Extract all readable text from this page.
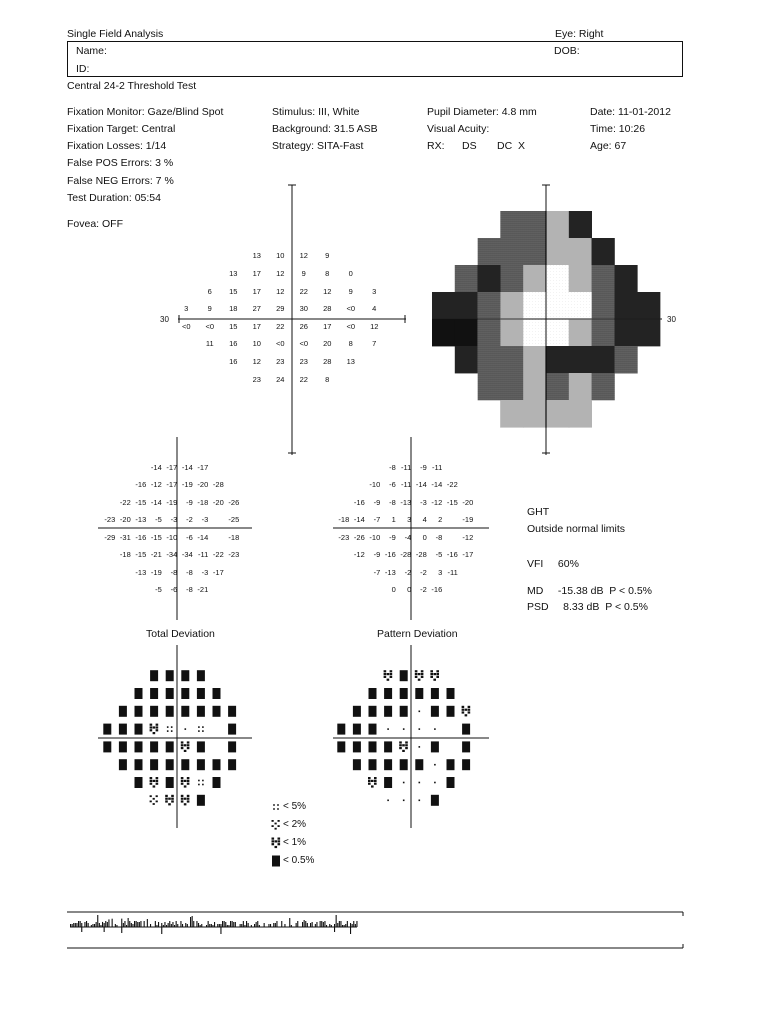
Single Field Analysis	Eye: Right
Name:
ID:
DOB:
Central 24-2 Threshold Test
Fixation Monitor: Gaze/Blind Spot
Fixation Target: Central
Fixation Losses: 1/14
False POS Errors: 3 %
False NEG Errors: 7 %
Test Duration: 05:54
Fovea: OFF
Stimulus: III, White
Background: 31.5 ASB
Strategy: SITA-Fast
Pupil Diameter: 4.8 mm
Visual Acuity:
RX:      DS       DC  X
Date: 11-01-2012
Time: 10:26
Age: 67
30	30
13	10	12	9
13	17	12	9	8	0
6	15	17	12	22	12	9	3
3	9	18	27	29	30	28	<0	4
<0	<0	15	17	22	26	17	<0	12
11	16	10	<0	<0	20	8	7
16	12	23	23	28	13
23	24	22	8
-14 -17 -14 -17
-16 -12 -17 -19 -20 -28
-22 -15 -14 -19	-9 -18 -20 -26
-23 -20 -13	-5	-3	-2	-3	-25
-29 -31 -16 -15 -10	-6 -14	-18
-18 -15 -21 -34 -34 -11 -22 -23
-13 -19	-8	-8	-3 -17
-5	-6	-8 -21
-8 -11	-9 -11
-10	-6 -11 -14 -14 -22
-16	-9	-8 -13	-3 -12 -15 -20
-18 -14	-7	1	3	4	2	-19
-23 -26 -10	-9	-4	0	-8	-12
-12	-9 -16 -28 -28	-5 -16 -17
-7 -13	-2	-2	3 -11
0	0	-2 -16
Total Deviation	Pattern Deviation
GHT
Outside normal limits
VFI     60%
MD     -15.38 dB  P < 0.5%
PSD     8.33 dB  P < 0.5%
< 5%
< 2%
< 1%
< 0.5%
